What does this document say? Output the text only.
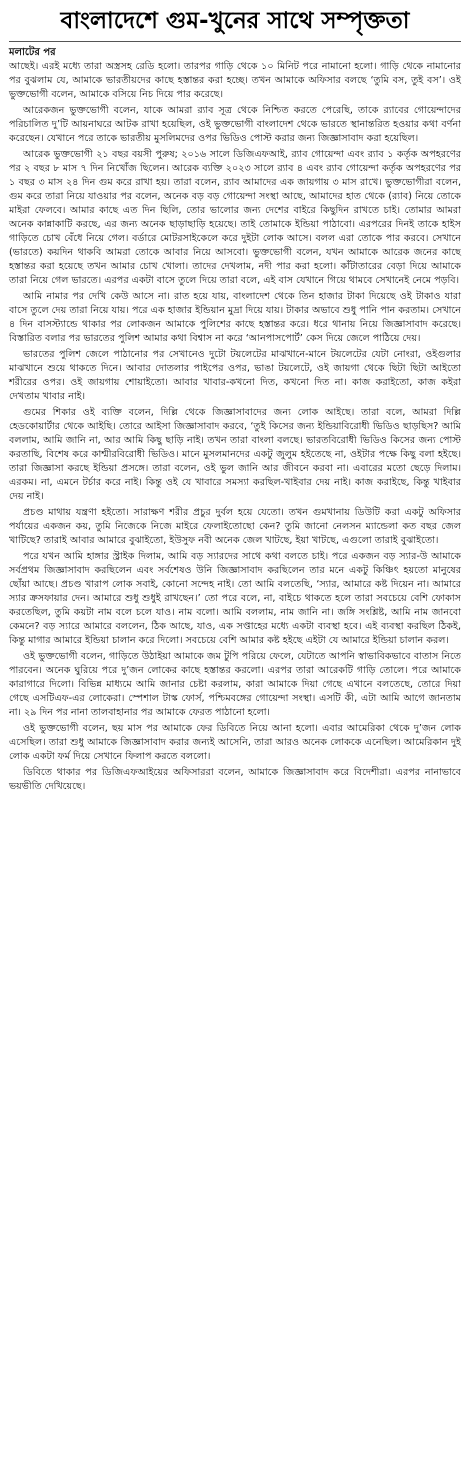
বাংলাদেশে গুম-খুনের সাথে সম্পৃক্ততা
মলাটের পর

আছেই। এরই মধ্যে তারা অস্ত্রসহ রেডি হলো। তারপর গাড়ি থেকে ১০ মিনিট পরে নামানো হলো। গাড়ি থেকে নামানোর পর বুঝলাম যে, আমাকে ভারতীয়দের কাছে হস্তান্তর করা হচ্ছে। তখন আমাকে অফিসার বলছে ‘তুমি বস, তুই বস’। ওই ভুক্তভোগী বলেন, আমাকে বসিয়ে নিচ দিয়ে পার করেছে।

আরেকজন ভুক্তভোগী বলেন, যাকে আমরা র‍্যাব সূত্র থেকে নিশ্চিত করতে পেরেছি, তাকে র‍্যাবের গোয়েন্দাদের পরিচালিত দু’টি আয়নাঘরে আটক রাখা হয়েছিল, ওই ভুক্তভোগী বাংলাদেশ থেকে ভারতে স্থানান্তরিত হওয়ার কথা বর্ণনা করেছেন। যেখানে পরে তাকে ভারতীয় মুসলিমদের ওপর ভিডিও পোস্ট করার জন্য জিজ্ঞাসাবাদ করা হয়েছিল।

আরেক ভুক্তভোগী ২১ বছর বয়সী পুরুষ; ২০১৬ সালে ডিজিএফআই, র‍্যাব গোয়েন্দা এবং র‍্যাব ১ কর্তৃক অপহরণের পর ২ বছর ৮ মাস ৭ দিন নিখোঁজ ছিলেন। আরেক ব্যক্তি ২০২৩ সালে র‍্যাব ৪ এবং র‍্যাব গোয়েন্দা কর্তৃক অপহরণের পর ১ বছর ৩ মাস ২৪ দিন গুম করে রাখা হয়। তারা বলেন, র‍্যাব আমাদের এক জায়গায় ৩ মাস রাখে। ভুক্তভোগীরা বলেন, গুম করে তারা নিয়ে যাওয়ার পর বলেন, অনেক বড় বড় গোয়েন্দা সংস্থা আছে, আমাদের হাত থেকে (র‍্যাব) নিয়ে তোকে মাইরা ফেলবে। আমার কাছে এত দিন ছিলি, তোর ভালোর জন্য দেশের বাইরে কিছুদিন রাখতে চাই। তোমার আমরা অনেক কান্নাকাটি করছে, এর জন্য অনেক ছাড়াছাড়ি হয়েছে। তাই তোমাকে ইন্ডিয়া পাঠাবো। এরপরের দিনই তাকে হাইস গাড়িতে চোখ বেঁধে নিয়ে গেল। বর্ডারে মোটরসাইকেলে করে দুইটা লোক আসে। বলল এরা তোকে পার করবে। সেখানে (ভারতে) কয়দিন থাকবি আমরা তোকে আবার নিয়ে আসবো। ভুক্তভোগী বলেন, যখন আমাকে আরেক জনের কাছে হস্তান্তর করা হয়েছে তখন আমার চোখ খোলা। তাদের দেখলাম, নদী পার করা হলো। কাঁটাতারের বেড়া দিয়ে আমাকে তারা নিয়ে গেল ভারতে। এরপর একটা বাসে তুলে দিয়ে তারা বলে, এই বাস যেখানে গিয়ে থামবে সেখানেই নেমে পড়বি।

আমি নামার পর দেখি কেউ আসে না। রাত হয়ে যায়, বাংলাদেশ থেকে তিন হাজার টাকা দিয়েছে ওই টাকাও যারা বাসে তুলে দেয় তারা নিয়ে যায়। পরে এক হাজার ইন্ডিয়ান মুদ্রা দিয়ে যায়। টাকার অভাবে শুধু পানি পান করতাম। সেখানে ৪ দিন বাসস্ট্যান্ডে থাকার পর লোকজন আমাকে পুলিশের কাছে হস্তান্তর করে। ধরে থানায় নিয়ে জিজ্ঞাসাবাদ করেছে। বিস্তারিত বলার পর ভারতের পুলিশ আমার কথা বিশ্বাস না করে ‘আনপাসপোর্ট’ কেস দিয়ে জেলে পাঠিয়ে দেয়।

ভারতের পুলিশ জেলে পাঠানোর পর সেখানেও দুটো টয়লেটের মাঝখানে-মানে টয়লেটের যেটা নোংরা, ওইগুলার মাঝখানে শুয়ে থাকতে দিনে। আবার দোতলার পাইপের ওপর, ভাঙা টয়লেটে, ওই জায়গা থেকে ছিটা ছিটা আইতো শরীরের ওপর। ওই জায়গায় শোয়াইতো। আবার খাবার-কখনো দিত, কখনো দিত না। কাজ করাইতো, কাজ কইরা দেখতাম খাবার নাই।

গুমের শিকার ওই ব্যক্তি বলেন, দিল্লি থেকে জিজ্ঞাসাবাদের জন্য লোক আইছে। তারা বলে, আমরা দিল্লি হেডকোয়ার্টার থেকে আইছি। তোরে আইসা জিজ্ঞাসাবাদ করবে, ‘তুই কিসের জন্য ইন্ডিয়াবিরোধী ভিডিও ছাড়ছিস? আমি বললাম, আমি জানি না, আর আমি কিছু ছাড়ি নাই। তখন তারা বাংলা বলছে। ভারতবিরোধী ভিডিও কিসের জন্য পোস্ট করতাছি, বিশেষ করে কাশ্মীরবিরোধী ভিডিও। মানে মুসলমানদের একটু জুলুম হইতেছে না, ওইটার পক্ষে কিছু বলা হইছে। তারা জিজ্ঞাসা করছে ইন্ডিয়া প্রসঙ্গে। তারা বলেন, ওই ভুল জানি আর জীবনে করবা না। এবারের মতো ছেড়ে দিলাম। এরকম। না, এমনে টর্চার করে নাই। কিন্তু ওই যে খাবারে সমস্যা করছিল-খাইবার দেয় নাই। কাজ করাইছে, কিন্তু খাইবার দেয় নাই।

প্রচণ্ড মাথায় যন্ত্রণা হইতো। সারাক্ষণ শরীর প্রচুর দুর্বল হয়ে যেতো। তখন গুমখানায় ডিউটি করা একটু অফিসার পর্যায়ের একজন কয়, তুমি নিজেকে নিজে মাইরে ফেলাইতোছো কেন? তুমি জানো নেলসন ম্যান্ডেলা কত বছর জেল খাটিছে? তারাই আবার আমারে বুঝাইতো, ইউসুফ নবী অনেক জেল খাটছে, ইয়া খাটছে, এগুলো তারাই বুঝাইতো।

পরে যখন আমি হাঙ্গার স্ট্রাইক দিলাম, আমি বড় স্যারদের সাথে কথা বলতে চাই। পরে একজন বড় স্যার-উ আমাকে সর্বপ্রথম জিজ্ঞাসাবাদ করছিলেন এবং সর্বশেষও উনি জিজ্ঞাসাবাদ করছিলেন তার মনে একটু কিঞ্চিৎ হয়তো মানুষের ছোঁয়া আছে। প্রচণ্ড খারাপ লোক সবাই, কোনো সন্দেহ নাই। তো আমি বলতেছি, ‘স্যার, আমারে কষ্ট দিয়েন না। আমারে স্যার ক্রসফায়ার দেন। আমারে শুধু শুধুই রাখছেন।’ তো পরে বলে, না, বাইচে থাকতে হলে তারা সবচেয়ে বেশি ফোকাস করতেছিল, তুমি কয়টা নাম বলে চলে যাও। নাম বলো। আমি বললাম, নাম জানি না। জঙ্গি সংশ্লিষ্ট, আমি নাম জানবো কেমনে? বড় স্যারে আমারে বললেন, ঠিক আছে, যাও, এক সপ্তাহের মধ্যে একটা ব্যবস্থা হবে। এই ব্যবস্থা করছিল ঠিকই, কিন্তু মাগার আমারে ইন্ডিয়া চালান করে দিলো। সবচেয়ে বেশি আমার কষ্ট হইছে এইটা যে আমারে ইন্ডিয়া চালান করল।

ওই ভুক্তভোগী বলেন, গাড়িতে উঠাইয়া আমাকে জম টুপি পরিয়ে ফেলে, যেটাতে আপনি স্বাভাবিকভাবে বাতাস নিতে পারবেন। অনেক ঘুরিয়ে পরে দু’জন লোকের কাছে হস্তান্তর করলো। এরপর তারা আরেকটি গাড়ি তোলে। পরে আমাকে কারাগারে দিলো। বিভিন্ন মাধ্যমে আমি জানার চেষ্টা করলাম, কারা আমাকে দিয়া গেছে এখানে বলতেছে, তোরে দিয়া গেছে এসটিএফ-এর লোকেরা। স্পেশাল টাস্ক ফোর্স, পশ্চিমবঙ্গের গোয়েন্দা সংস্থা। এসটি কী, এটা আমি আগে জানতাম না। ২৯ দিন পর নানা তালবাহানার পর আমাকে ফেরত পাঠানো হলো।

ওই ভুক্তভোগী বলেন, ছয় মাস পর আমাকে ফের ডিবিতে নিয়ে আনা হলো। এবার আমেরিকা থেকে দু’জন লোক এসেছিল। তারা শুধু আমাকে জিজ্ঞাসাবাদ করার জন্যই আসেনি, তারা আরও অনেক লোককে এনেছিল। আমেরিকান দুই লোক একটা ফর্ম দিয়ে সেখানে ফিলাপ করতে বললো।

ডিবিতে থাকার পর ডিজিএফআইয়ের অফিসাররা বলেন, আমাকে জিজ্ঞাসাবাদ করে বিদেশীরা। এরপর নানাভাবে ভয়ভীতি দেখিয়েছে।
